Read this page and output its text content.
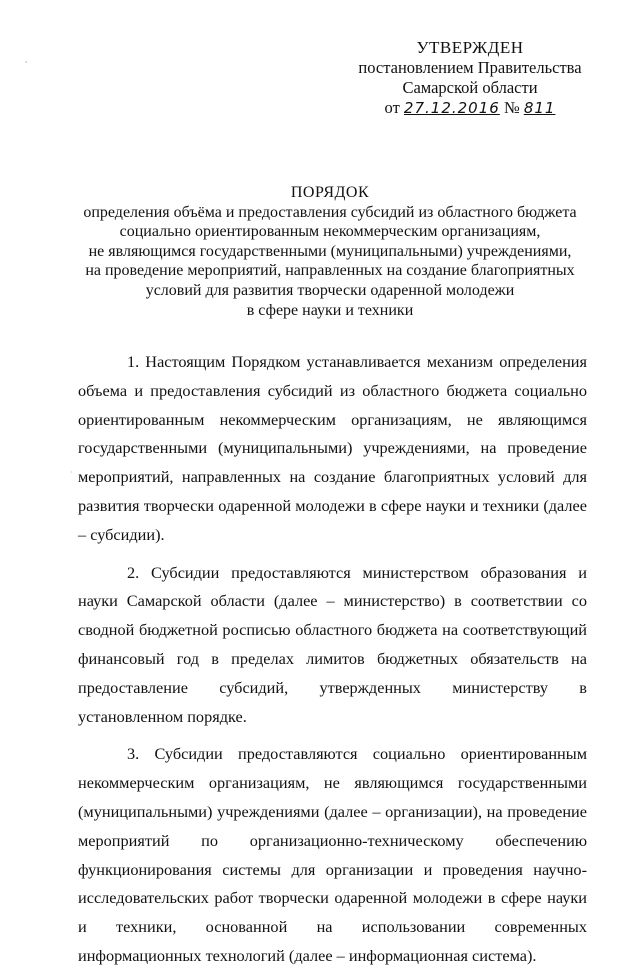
УТВЕРЖДЕН
постановлением Правительства
Самарской области
от 27.12.2016 № 811
ПОРЯДОК
определения объёма и предоставления субсидий из областного бюджета
социально ориентированным некоммерческим организациям,
не являющимся государственными (муниципальными) учреждениями,
на проведение мероприятий, направленных на создание благоприятных
условий для развития творчески одаренной молодежи
в сфере науки и техники

1. Настоящим Порядком устанавливается механизм определения объема и предоставления субсидий из областного бюджета социально ориентированным некоммерческим организациям, не являющимся государственными (муниципальными) учреждениями, на проведение мероприятий, направленных на создание благоприятных условий для развития творчески одаренной молодежи в сфере науки и техники (далее – субсидии).

2. Субсидии предоставляются министерством образования и науки Самарской области (далее – министерство) в соответствии со сводной бюджетной росписью областного бюджета на соответствующий финансовый год в пределах лимитов бюджетных обязательств на предоставление субсидий, утвержденных министерству в установленном порядке.

3. Субсидии предоставляются социально ориентированным некоммерческим организациям, не являющимся государственными (муниципальными) учреждениями (далее – организации), на проведение мероприятий по организационно-техническому обеспечению функционирования системы для организации и проведения научно-исследовательских работ творчески одаренной молодежи в сфере науки и техники, основанной на использовании современных информационных технологий (далее – информационная система).

'
·
